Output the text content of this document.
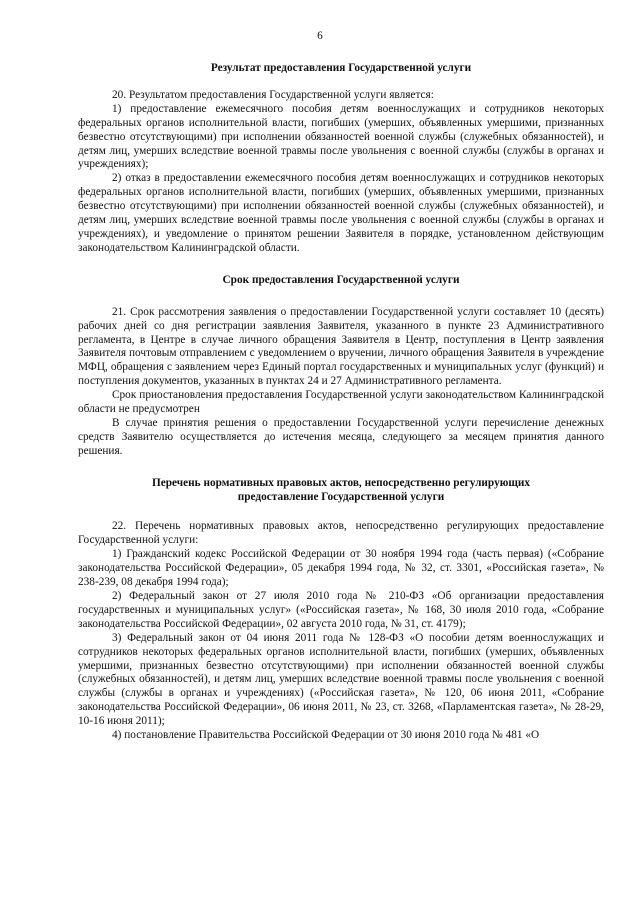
6

Результат предоставления Государственной услуги

20. Результатом предоставления Государственной услуги является:

1) предоставление ежемесячного пособия детям военнослужащих и сотрудников некоторых федеральных органов исполнительной власти, погибших (умерших, объявленных умершими, признанных безвестно отсутствующими) при исполнении обязанностей военной службы (служебных обязанностей), и детям лиц, умерших вследствие военной травмы после увольнения с военной службы (службы в органах и учреждениях);

2) отказ в предоставлении ежемесячного пособия детям военнослужащих и сотрудников некоторых федеральных органов исполнительной власти, погибших (умерших, объявленных умершими, признанных безвестно отсутствующими) при исполнении обязанностей военной службы (служебных обязанностей), и детям лиц, умерших вследствие военной травмы после увольнения с военной службы (службы в органах и учреждениях), и уведомление о принятом решении Заявителя в порядке, установленном действующим законодательством Калининградской области.

Срок предоставления Государственной услуги

21. Срок рассмотрения заявления о предоставлении Государственной услуги составляет 10 (десять) рабочих дней со дня регистрации заявления Заявителя, указанного в пункте 23 Административного регламента, в Центре в случае личного обращения Заявителя в Центр, поступления в Центр заявления Заявителя почтовым отправлением с уведомлением о вручении, личного обращения Заявителя в учреждение МФЦ, обращения с заявлением через Единый портал государственных и муниципальных услуг (функций) и поступления документов, указанных в пунктах 24 и 27 Административного регламента.

Срок приостановления предоставления Государственной услуги законодательством Калининградской области не предусмотрен

В случае принятия решения о предоставлении Государственной услуги перечисление денежных средств Заявителю осуществляется до истечения месяца, следующего за месяцем принятия данного решения.

Перечень нормативных правовых актов, непосредственно регулирующих

предоставление Государственной услуги

22. Перечень нормативных правовых актов, непосредственно регулирующих предоставление Государственной услуги:

1) Гражданский кодекс Российской Федерации от 30 ноября 1994 года (часть первая) («Собрание законодательства Российской Федерации», 05 декабря 1994 года, № 32, ст. 3301, «Российская газета», № 238-239, 08 декабря 1994 года);

2) Федеральный закон от 27 июля 2010 года № 210-ФЗ «Об организации предоставления государственных и муниципальных услуг» («Российская газета», № 168, 30 июля 2010 года, «Собрание законодательства Российской Федерации», 02 августа 2010 года, № 31, ст. 4179);

3) Федеральный закон от 04 июня 2011 года № 128-ФЗ «О пособии детям военнослужащих и сотрудников некоторых федеральных органов исполнительной власти, погибших (умерших, объявленных умершими, признанных безвестно отсутствующими) при исполнении обязанностей военной службы (служебных обязанностей), и детям лиц, умерших вследствие военной травмы после увольнения с военной службы (службы в органах и учреждениях) («Российская газета», № 120, 06 июня 2011, «Собрание законодательства Российской Федерации», 06 июня 2011, № 23, ст. 3268, «Парламентская газета», № 28-29, 10-16 июня 2011);

4) постановление Правительства Российской Федерации от 30 июня 2010 года № 481 «О
